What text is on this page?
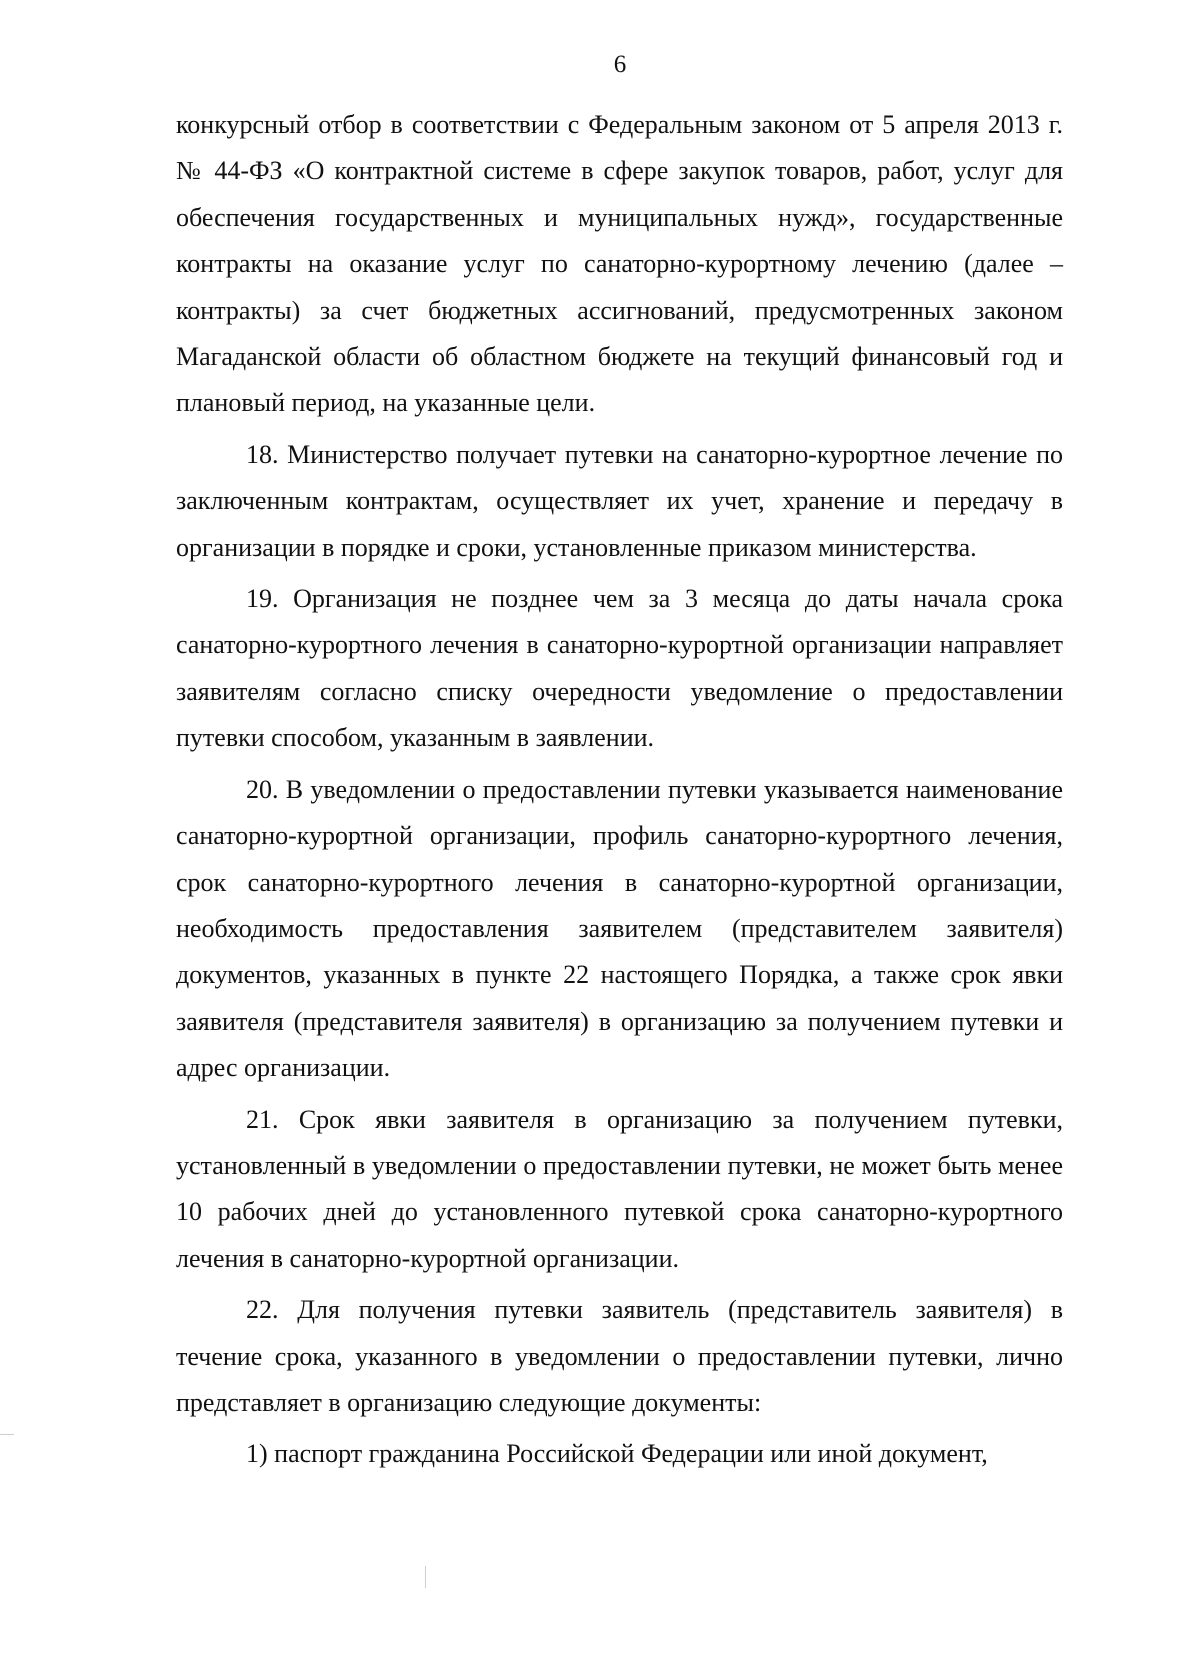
6

конкурсный отбор в соответствии с Федеральным законом от 5 апреля 2013 г. № 44-ФЗ «О контрактной системе в сфере закупок товаров, работ, услуг для обеспечения государственных и муниципальных нужд», государственные контракты на оказание услуг по санаторно-курортному лечению (далее – контракты) за счет бюджетных ассигнований, предусмотренных законом Магаданской области об областном бюджете на текущий финансовый год и плановый период, на указанные цели.

18. Министерство получает путевки на санаторно-курортное лечение по заключенным контрактам, осуществляет их учет, хранение и передачу в организации в порядке и сроки, установленные приказом министерства.

19. Организация не позднее чем за 3 месяца до даты начала срока санаторно-курортного лечения в санаторно-курортной организации направляет заявителям согласно списку очередности уведомление о предоставлении путевки способом, указанным в заявлении.

20. В уведомлении о предоставлении путевки указывается наименование санаторно-курортной организации, профиль санаторно-курортного лечения, срок санаторно-курортного лечения в санаторно-курортной организации, необходимость предоставления заявителем (представителем заявителя) документов, указанных в пункте 22 настоящего Порядка, а также срок явки заявителя (представителя заявителя) в организацию за получением путевки и адрес организации.

21. Срок явки заявителя в организацию за получением путевки, установленный в уведомлении о предоставлении путевки, не может быть менее 10 рабочих дней до установленного путевкой срока санаторно-курортного лечения в санаторно-курортной организации.

22. Для получения путевки заявитель (представитель заявителя) в течение срока, указанного в уведомлении о предоставлении путевки, лично представляет в организацию следующие документы:

1) паспорт гражданина Российской Федерации или иной документ,
